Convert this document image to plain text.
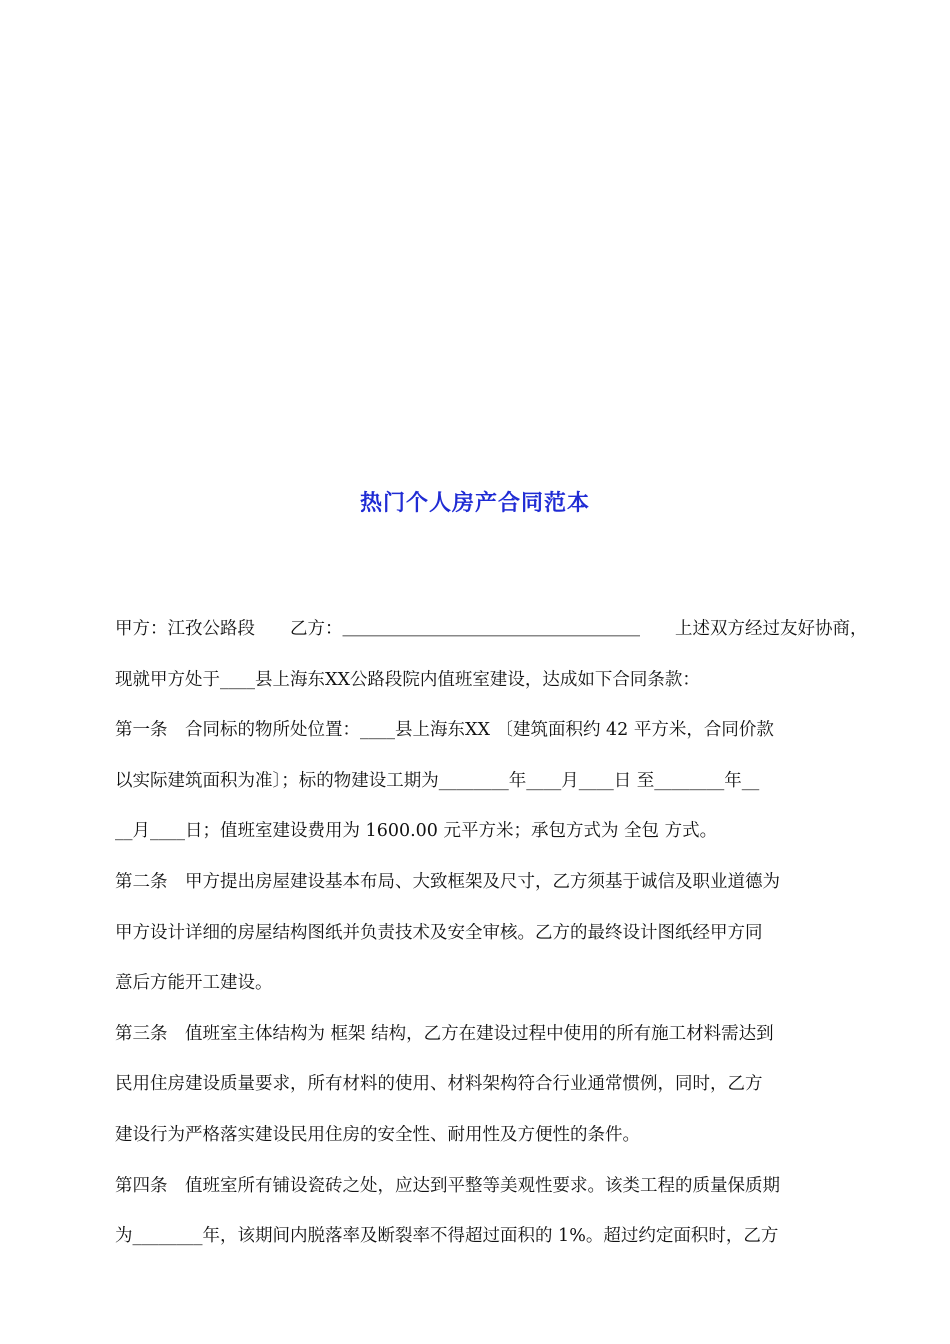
热门个人房产合同范本
甲方：江孜公路段　　乙方：＿＿＿＿＿＿＿＿＿＿＿＿＿＿＿＿＿　　上述双方经过友好协商，
现就甲方处于____县上海东XX公路段院内值班室建设，达成如下合同条款：
第一条　合同标的物所处位置：____县上海东XX 〔建筑面积约 42 平方米，合同价款
以实际建筑面积为准〕；标的物建设工期为________年____月____日 至________年__
__月____日；值班室建设费用为 1600.00 元平方米；承包方式为 全包 方式。
第二条　甲方提出房屋建设基本布局、大致框架及尺寸，乙方须基于诚信及职业道德为
甲方设计详细的房屋结构图纸并负责技术及安全审核。乙方的最终设计图纸经甲方同
意后方能开工建设。
第三条　值班室主体结构为 框架 结构，乙方在建设过程中使用的所有施工材料需达到
民用住房建设质量要求，所有材料的使用、材料架构符合行业通常惯例，同时，乙方
建设行为严格落实建设民用住房的安全性、耐用性及方便性的条件。
第四条　值班室所有铺设瓷砖之处，应达到平整等美观性要求。该类工程的质量保质期
为________年，该期间内脱落率及断裂率不得超过面积的 1%。超过约定面积时，乙方
